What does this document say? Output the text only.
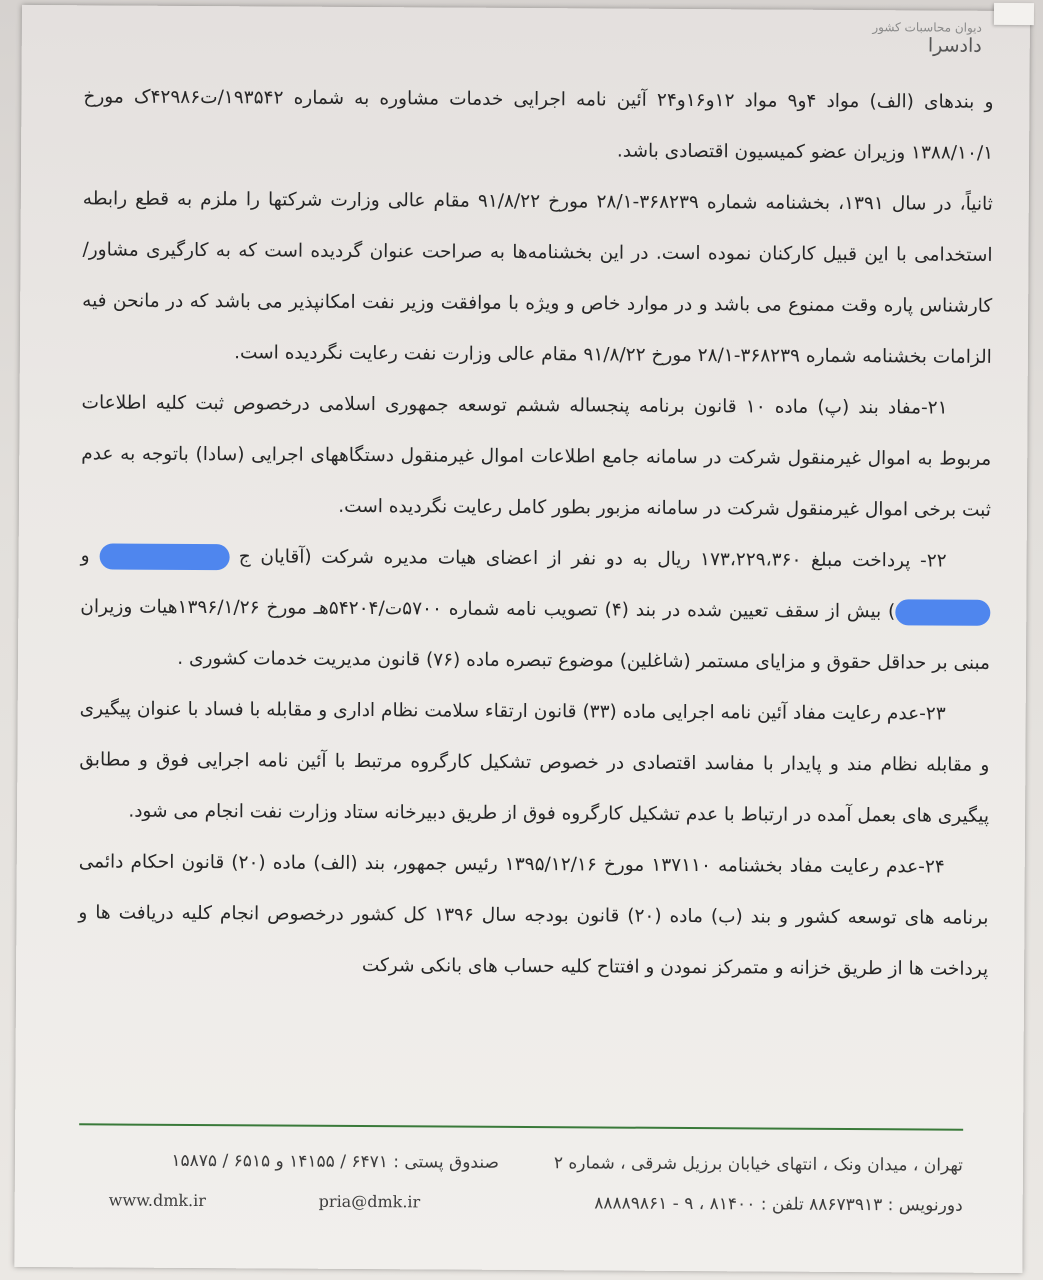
دیوان محاسبات کشور
دادسرا

و بندهای (الف) مواد ۴و۹ مواد ۱۲و۱۶و۲۴ آئین نامه اجرایی خدمات مشاوره به شماره ۱۹۳۵۴۲/ت۴۲۹۸۶ک مورخ ۱۳۸۸/۱۰/۱ وزیران عضو کمیسیون اقتصادی باشد.

ثانیاً، در سال ۱۳۹۱، بخشنامه شماره ۳۶۸۲۳۹-۲۸/۱ مورخ ۹۱/۸/۲۲ مقام عالی وزارت شرکتها را ملزم به قطع رابطه استخدامی با این قبیل کارکنان نموده است. در این بخشنامه‌ها به صراحت عنوان گردیده است که به کارگیری مشاور/کارشناس پاره وقت ممنوع می باشد و در موارد خاص و ویژه با موافقت وزیر نفت امکانپذیر می باشد که در مانحن فیه الزامات بخشنامه شماره ۳۶۸۲۳۹-۲۸/۱ مورخ ۹۱/۸/۲۲ مقام عالی وزارت نفت رعایت نگردیده است.

۲۱-مفاد بند (پ) ماده ۱۰ قانون برنامه پنجساله ششم توسعه جمهوری اسلامی درخصوص ثبت کلیه اطلاعات مربوط به اموال غیرمنقول شرکت در سامانه جامع اطلاعات اموال غیرمنقول دستگاههای اجرایی (سادا) باتوجه به عدم ثبت برخی اموال غیرمنقول شرکت در سامانه مزبور بطور کامل رعایت نگردیده است.

۲۲- پرداخت مبلغ ۱۷۳،۲۲۹،۳۶۰ ریال به دو نفر از اعضای هیات مدیره شرکت (آقایان ج  و ) بیش از سقف تعیین شده در بند (۴) تصویب نامه شماره ۵۷۰۰ت/۵۴۲۰۴هـ مورخ ۱۳۹۶/۱/۲۶هیات وزیران مبنی بر حداقل حقوق و مزایای مستمر (شاغلین) موضوع تبصره ماده (۷۶) قانون مدیریت خدمات کشوری .

۲۳-عدم رعایت مفاد آئین نامه اجرایی ماده (۳۳) قانون ارتقاء سلامت نظام اداری و مقابله با فساد با عنوان پیگیری و مقابله نظام مند و پایدار با مفاسد اقتصادی در خصوص تشکیل کارگروه مرتبط با آئین نامه اجرایی فوق و مطابق پیگیری های بعمل آمده در ارتباط با عدم تشکیل کارگروه فوق از طریق دبیرخانه ستاد وزارت نفت انجام می شود.

۲۴-عدم رعایت مفاد بخشنامه ۱۳۷۱۱۰ مورخ ۱۳۹۵/۱۲/۱۶ رئیس جمهور، بند (الف) ماده (۲۰) قانون احکام دائمی برنامه های توسعه کشور و بند (ب) ماده (۲۰) قانون بودجه سال ۱۳۹۶ کل کشور درخصوص انجام کلیه دریافت ها و پرداخت ها از طریق خزانه و متمرکز نمودن و افتتاح کلیه حساب های بانکی شرکت

تهران ، میدان ونک ، انتهای خیابان برزیل شرقی ، شماره ۲
دورنویس : ۸۸۶۷۳۹۱۳ تلفن : ۸۱۴۰۰ ، ۹ - ۸۸۸۸۹۸۶۱
صندوق پستی : ۶۴۷۱ / ۱۴۱۵۵ و ۶۵۱۵ / ۱۵۸۷۵
www.dmk.ir	pria@dmk.ir
